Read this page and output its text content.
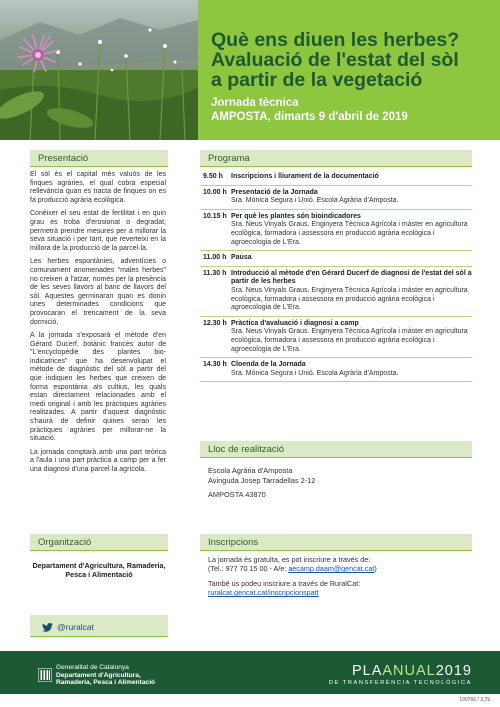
Què ens diuen les herbes?
Avaluació de l'estat del sòl
a partir de la vegetació
Jornada tècnica
AMPOSTA, dimarts 9 d'abril de 2019
Presentació

El sòl és el capital més valuós de les finques agràries, el qual cobra especial rellevància quan es tracta de finques on es fa producció agrària ecològica.

Conèixer el seu estat de fertilitat i en quin grau es troba d'erosionat o degradat, permetrà prendre mesures per a millorar la seva situació i per tant, que reverteixi en la millora de la producció de la parcel·la.

Les herbes espontànies, adventícies o comunament anomenades "males herbes" no creixen a l'atzar, només per la presència de les seves llavors al banc de llavors del sòl. Aquestes germinaran quan es donin unes determinades condicions que provocaran el trencament de la seva dormició.

A la jornada s'exposarà el mètode d'en Gérard Ducerf, botànic francès autor de "L'encyclopédie des plantes bio-indicatrices" que ha desenvolupat el mètode de diagnòstic del sòl a partir del que indiquen les herbes que creixen de forma espontània als cultius, les quals estan directament relacionades amb el medi original i amb les pràctiques agràries realitzades. A partir d'aquest diagnòstic s'haurà de definir quines seran les pràctiques agràries per millorar-ne la situació.

La jornada comptarà amb una part teòrica a l'aula i una part pràctica a camp per a fer una diagnosi d'una parcel·la agrícola.

Organització
Departament d'Agricultura, Ramaderia, Pesca i Alimentació
@ruralcat
Programa
9.50 h	Inscripcions i lliurament de la documentació
10.00 h Presentació de la Jornada
Sra. Mònica Segura i Unió. Escola Agrària d'Amposta.
10.15 h Per què les plantes són bioindicadores
Sra. Neus Vinyals Graus. Enginyera Tècnica Agrícola i màster en agricultura ecològica, formadora i assessora en producció agrària ecològica i agroecologia de L'Era.
11.00 h Pausa
11.30 h Introducció al mètode d'en Gérard Ducerf de diagnosi de l'estat del sòl a partir de les herbes
Sra. Neus Vinyals Graus. Enginyera Tècnica Agrícola i màster en agricultura ecològica, formadora i assessora en producció agrària ecològica i agroecologia de L'Era.
12.30 h Pràctica d'avaluació i diagnosi a camp
Sra. Neus Vinyals Graus. Enginyera Tècnica Agrícola i màster en agricultura ecològica, formadora i assessora en producció agrària ecològica i agroecologia de L'Era.
14.30 h Cloenda de la Jornada
Sra. Mònica Segura i Unió. Escola Agrària d'Amposta.
Lloc de realització
Escola Agrària d'Amposta
Avinguda Josep Tarradellas 2-12
AMPOSTA 43870
Inscripcions

La jornada és gratuïta, es pot inscriure a través de:
(Tel.: 977 70 15 00 - A/e: aecamp.daam@gencat.cat)

També us podeu inscriure a través de RuralCat:
ruralcat.gencat.cat/inscripcionspatt

Generalitat de Catalunya
Departament d'Agricultura,
Ramaderia, Pesca i Alimentació
PLAANUAL2019
DE TRANSFERÈNCIA TECNOLÒGICA
190766 / 3,75
